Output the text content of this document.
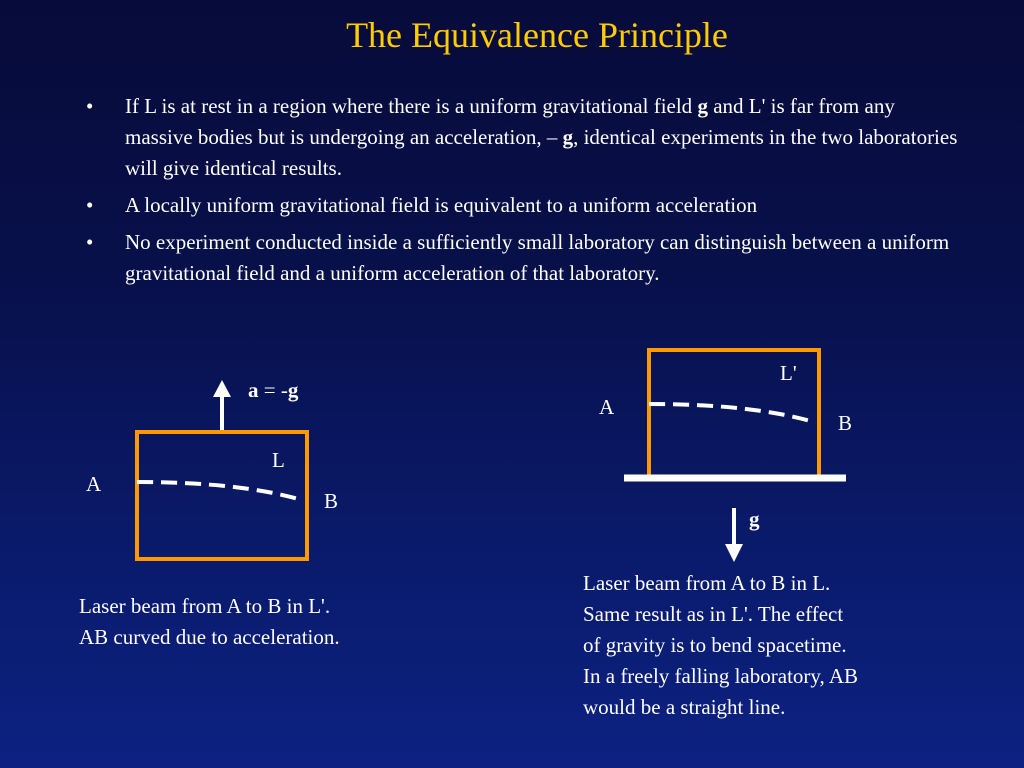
The Equivalence Principle
• If L is at rest in a region where there is a uniform gravitational field g and L' is far from any massive bodies but is undergoing an acceleration, – g, identical experiments in the two laboratories will give identical results.
• A locally uniform gravitational field is equivalent to a uniform acceleration
• No experiment conducted inside a sufficiently small laboratory can distinguish between a uniform gravitational field and a uniform acceleration of that laboratory.
a = -g
L
A
B
L'
A
B
g
Laser beam from A to B in L'.
AB curved due to acceleration.
Laser beam from A to B in L.
Same result as in L'. The effect
of gravity is to bend spacetime.
In a freely falling laboratory, AB
would be a straight line.
